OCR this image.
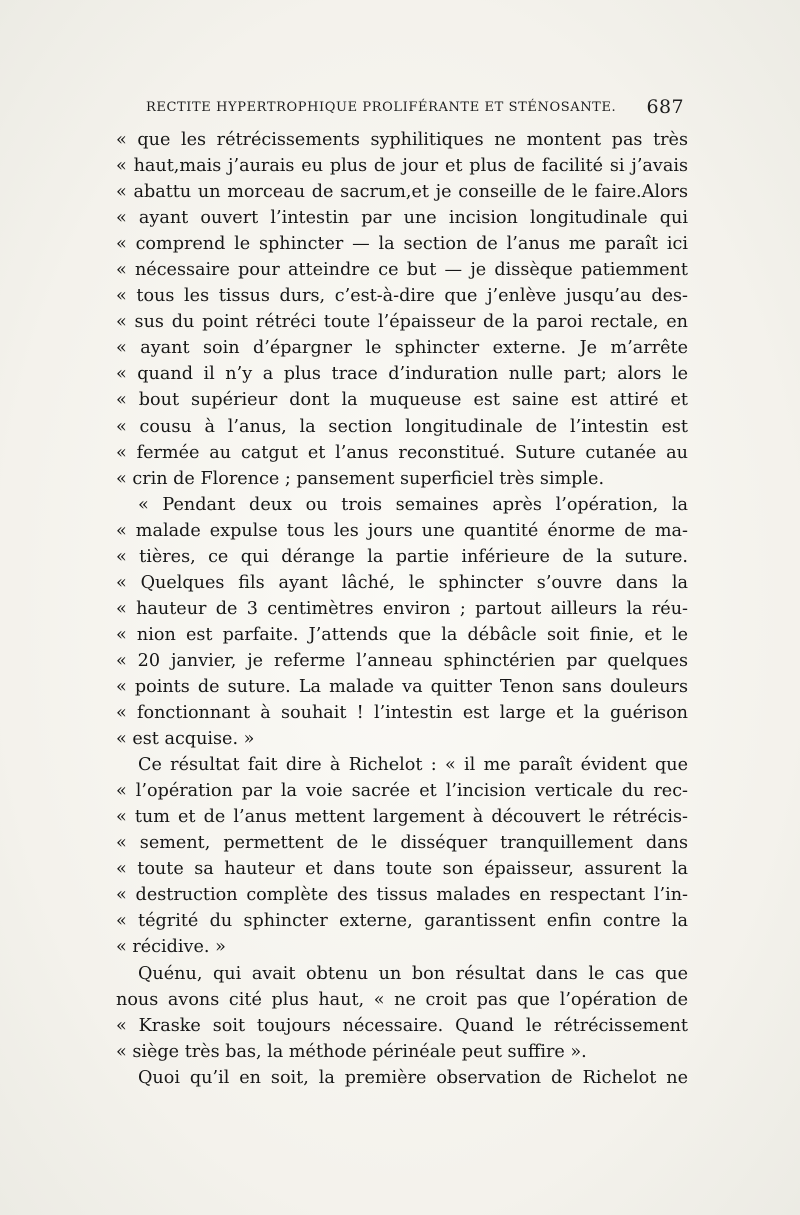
RECTITE HYPERTROPHIQUE PROLIFÉRANTE ET STÉNOSANTE. 687
« que les rétrécissements syphilitiques ne montent pas très
« haut,mais j’aurais eu plus de jour et plus de facilité si j’avais
« abattu un morceau de sacrum,et je conseille de le faire.Alors
« ayant ouvert l’intestin par une incision longitudinale qui
« comprend le sphincter — la section de l’anus me paraît ici
« nécessaire pour atteindre ce but — je dissèque patiemment
« tous les tissus durs, c’est-à-dire que j’enlève jusqu’au des-
« sus du point rétréci toute l’épaisseur de la paroi rectale, en
« ayant soin d’épargner le sphincter externe. Je m’arrête
« quand il n’y a plus trace d’induration nulle part; alors le
« bout supérieur dont la muqueuse est saine est attiré et
« cousu à l’anus, la section longitudinale de l’intestin est
« fermée au catgut et l’anus reconstitué. Suture cutanée au
« crin de Florence ; pansement superficiel très simple.
« Pendant deux ou trois semaines après l’opération, la
« malade expulse tous les jours une quantité énorme de ma-
« tières, ce qui dérange la partie inférieure de la suture.
« Quelques fils ayant lâché, le sphincter s’ouvre dans la
« hauteur de 3 centimètres environ ; partout ailleurs la réu-
« nion est parfaite. J’attends que la débâcle soit finie, et le
« 20 janvier, je referme l’anneau sphinctérien par quelques
« points de suture. La malade va quitter Tenon sans douleurs
« fonctionnant à souhait ! l’intestin est large et la guérison
« est acquise. »
Ce résultat fait dire à Richelot : « il me paraît évident que
« l’opération par la voie sacrée et l’incision verticale du rec-
« tum et de l’anus mettent largement à découvert le rétrécis-
« sement, permettent de le disséquer tranquillement dans
« toute sa hauteur et dans toute son épaisseur, assurent la
« destruction complète des tissus malades en respectant l’in-
« tégrité du sphincter externe, garantissent enfin contre la
« récidive. »
Quénu, qui avait obtenu un bon résultat dans le cas que
nous avons cité plus haut, « ne croit pas que l’opération de
« Kraske soit toujours nécessaire. Quand le rétrécissement
« siège très bas, la méthode périnéale peut suffire ».
Quoi qu’il en soit, la première observation de Richelot ne
